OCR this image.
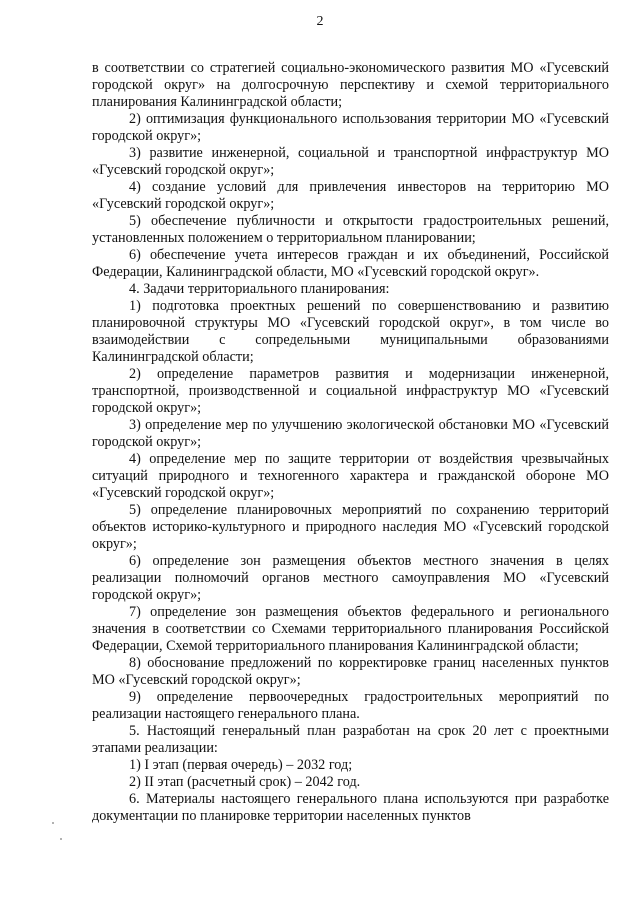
2

в соответствии со стратегией социально-экономического развития МО «Гусевский городской округ» на долгосрочную перспективу и схемой территориального планирования Калининградской области;

2) оптимизация функционального использования территории МО «Гусевский городской округ»;

3) развитие инженерной, социальной и транспортной инфраструктур МО «Гусевский городской округ»;

4) создание условий для привлечения инвесторов на территорию МО «Гусевский городской округ»;

5) обеспечение публичности и открытости градостроительных решений, установленных положением о территориальном планировании;

6) обеспечение учета интересов граждан и их объединений, Российской Федерации, Калининградской области, МО «Гусевский городской округ».

4. Задачи территориального планирования:

1) подготовка проектных решений по совершенствованию и развитию планировочной структуры МО «Гусевский городской округ», в том числе во взаимодействии с сопредельными муниципальными образованиями Калининградской области;

2) определение параметров развития и модернизации инженерной, транспортной, производственной и социальной инфраструктур МО «Гусевский городской округ»;

3) определение мер по улучшению экологической обстановки МО «Гусевский городской округ»;

4) определение мер по защите территории от воздействия чрезвычайных ситуаций природного и техногенного характера и гражданской обороне МО «Гусевский городской округ»;

5) определение планировочных мероприятий по сохранению территорий объектов историко-культурного и природного наследия МО «Гусевский городской округ»;

6) определение зон размещения объектов местного значения в целях реализации полномочий органов местного самоуправления МО «Гусевский городской округ»;

7) определение зон размещения объектов федерального и регионального значения в соответствии со Схемами территориального планирования Российской Федерации, Схемой территориального планирования Калининградской области;

8) обоснование предложений по корректировке границ населенных пунктов МО «Гусевский городской округ»;

9) определение первоочередных градостроительных мероприятий по реализации настоящего генерального плана.

5. Настоящий генеральный план разработан на срок 20 лет с проектными этапами реализации:

1) I этап (первая очередь) – 2032 год;

2) II этап (расчетный срок) – 2042 год.

6. Материалы настоящего генерального плана используются при разработке документации по планировке территории населенных пунктов
